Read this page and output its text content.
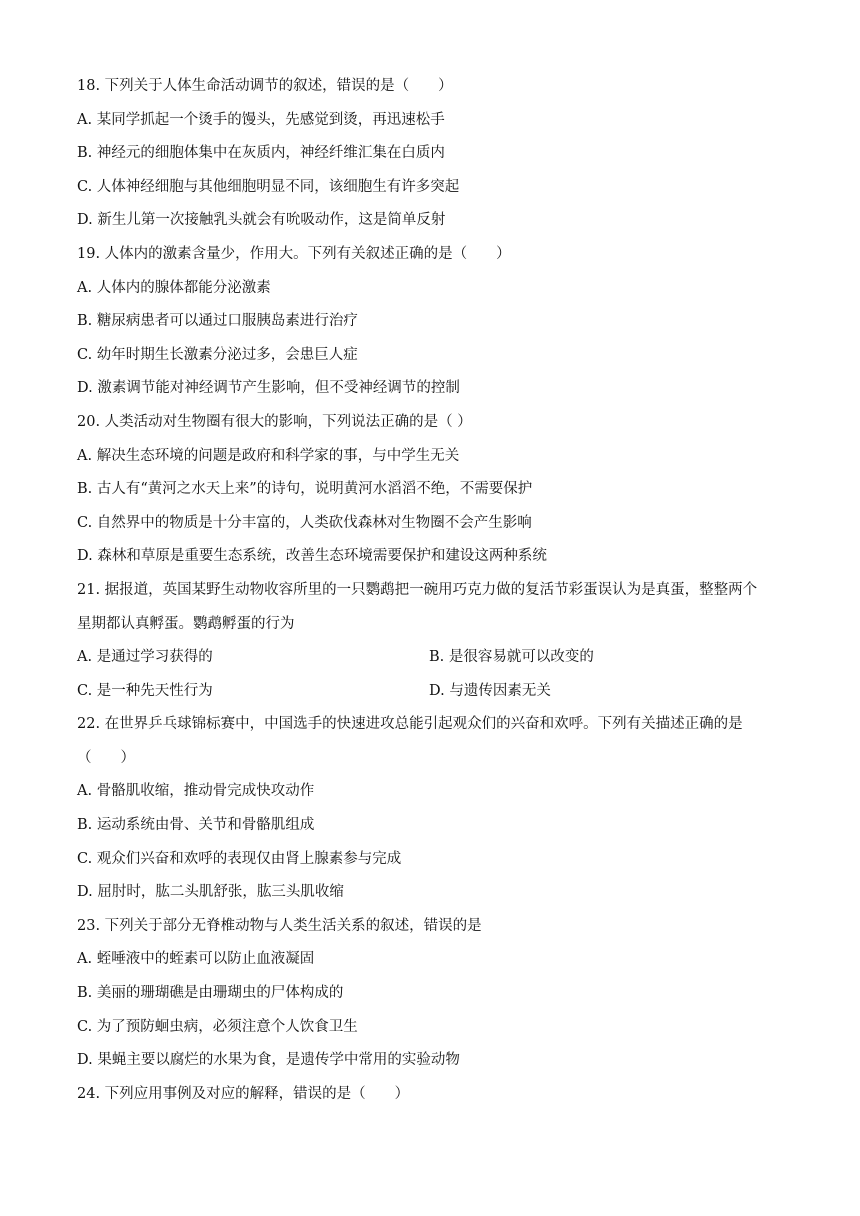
18. 下列关于人体生命活动调节的叙述，错误的是（　　）
A. 某同学抓起一个烫手的馒头，先感觉到烫，再迅速松手
B. 神经元的细胞体集中在灰质内，神经纤维汇集在白质内
C. 人体神经细胞与其他细胞明显不同，该细胞生有许多突起
D. 新生儿第一次接触乳头就会有吮吸动作，这是简单反射
19. 人体内的激素含量少，作用大。下列有关叙述正确的是（　　）
A. 人体内的腺体都能分泌激素
B. 糖尿病患者可以通过口服胰岛素进行治疗
C. 幼年时期生长激素分泌过多，会患巨人症
D. 激素调节能对神经调节产生影响，但不受神经调节的控制
20. 人类活动对生物圈有很大的影响，下列说法正确的是（ ）
A. 解决生态环境的问题是政府和科学家的事，与中学生无关
B. 古人有“黄河之水天上来”的诗句，说明黄河水滔滔不绝，不需要保护
C. 自然界中的物质是十分丰富的，人类砍伐森林对生物圈不会产生影响
D. 森林和草原是重要生态系统，改善生态环境需要保护和建设这两种系统
21. 据报道，英国某野生动物收容所里的一只鹦鹉把一碗用巧克力做的复活节彩蛋误认为是真蛋，整整两个
星期都认真孵蛋。鹦鹉孵蛋的行为
A. 是通过学习获得的	B. 是很容易就可以改变的
C. 是一种先天性行为	D. 与遗传因素无关
22. 在世界乒乓球锦标赛中，中国选手的快速进攻总能引起观众们的兴奋和欢呼。下列有关描述正确的是
（　　）
A. 骨骼肌收缩，推动骨完成快攻动作
B. 运动系统由骨、关节和骨骼肌组成
C. 观众们兴奋和欢呼的表现仅由肾上腺素参与完成
D. 屈肘时，肱二头肌舒张，肱三头肌收缩
23. 下列关于部分无脊椎动物与人类生活关系的叙述，错误的是
A. 蛭唾液中的蛭素可以防止血液凝固
B. 美丽的珊瑚礁是由珊瑚虫的尸体构成的
C. 为了预防蛔虫病，必须注意个人饮食卫生
D. 果蝇主要以腐烂的水果为食，是遗传学中常用的实验动物
24. 下列应用事例及对应的解释，错误的是（　　）
